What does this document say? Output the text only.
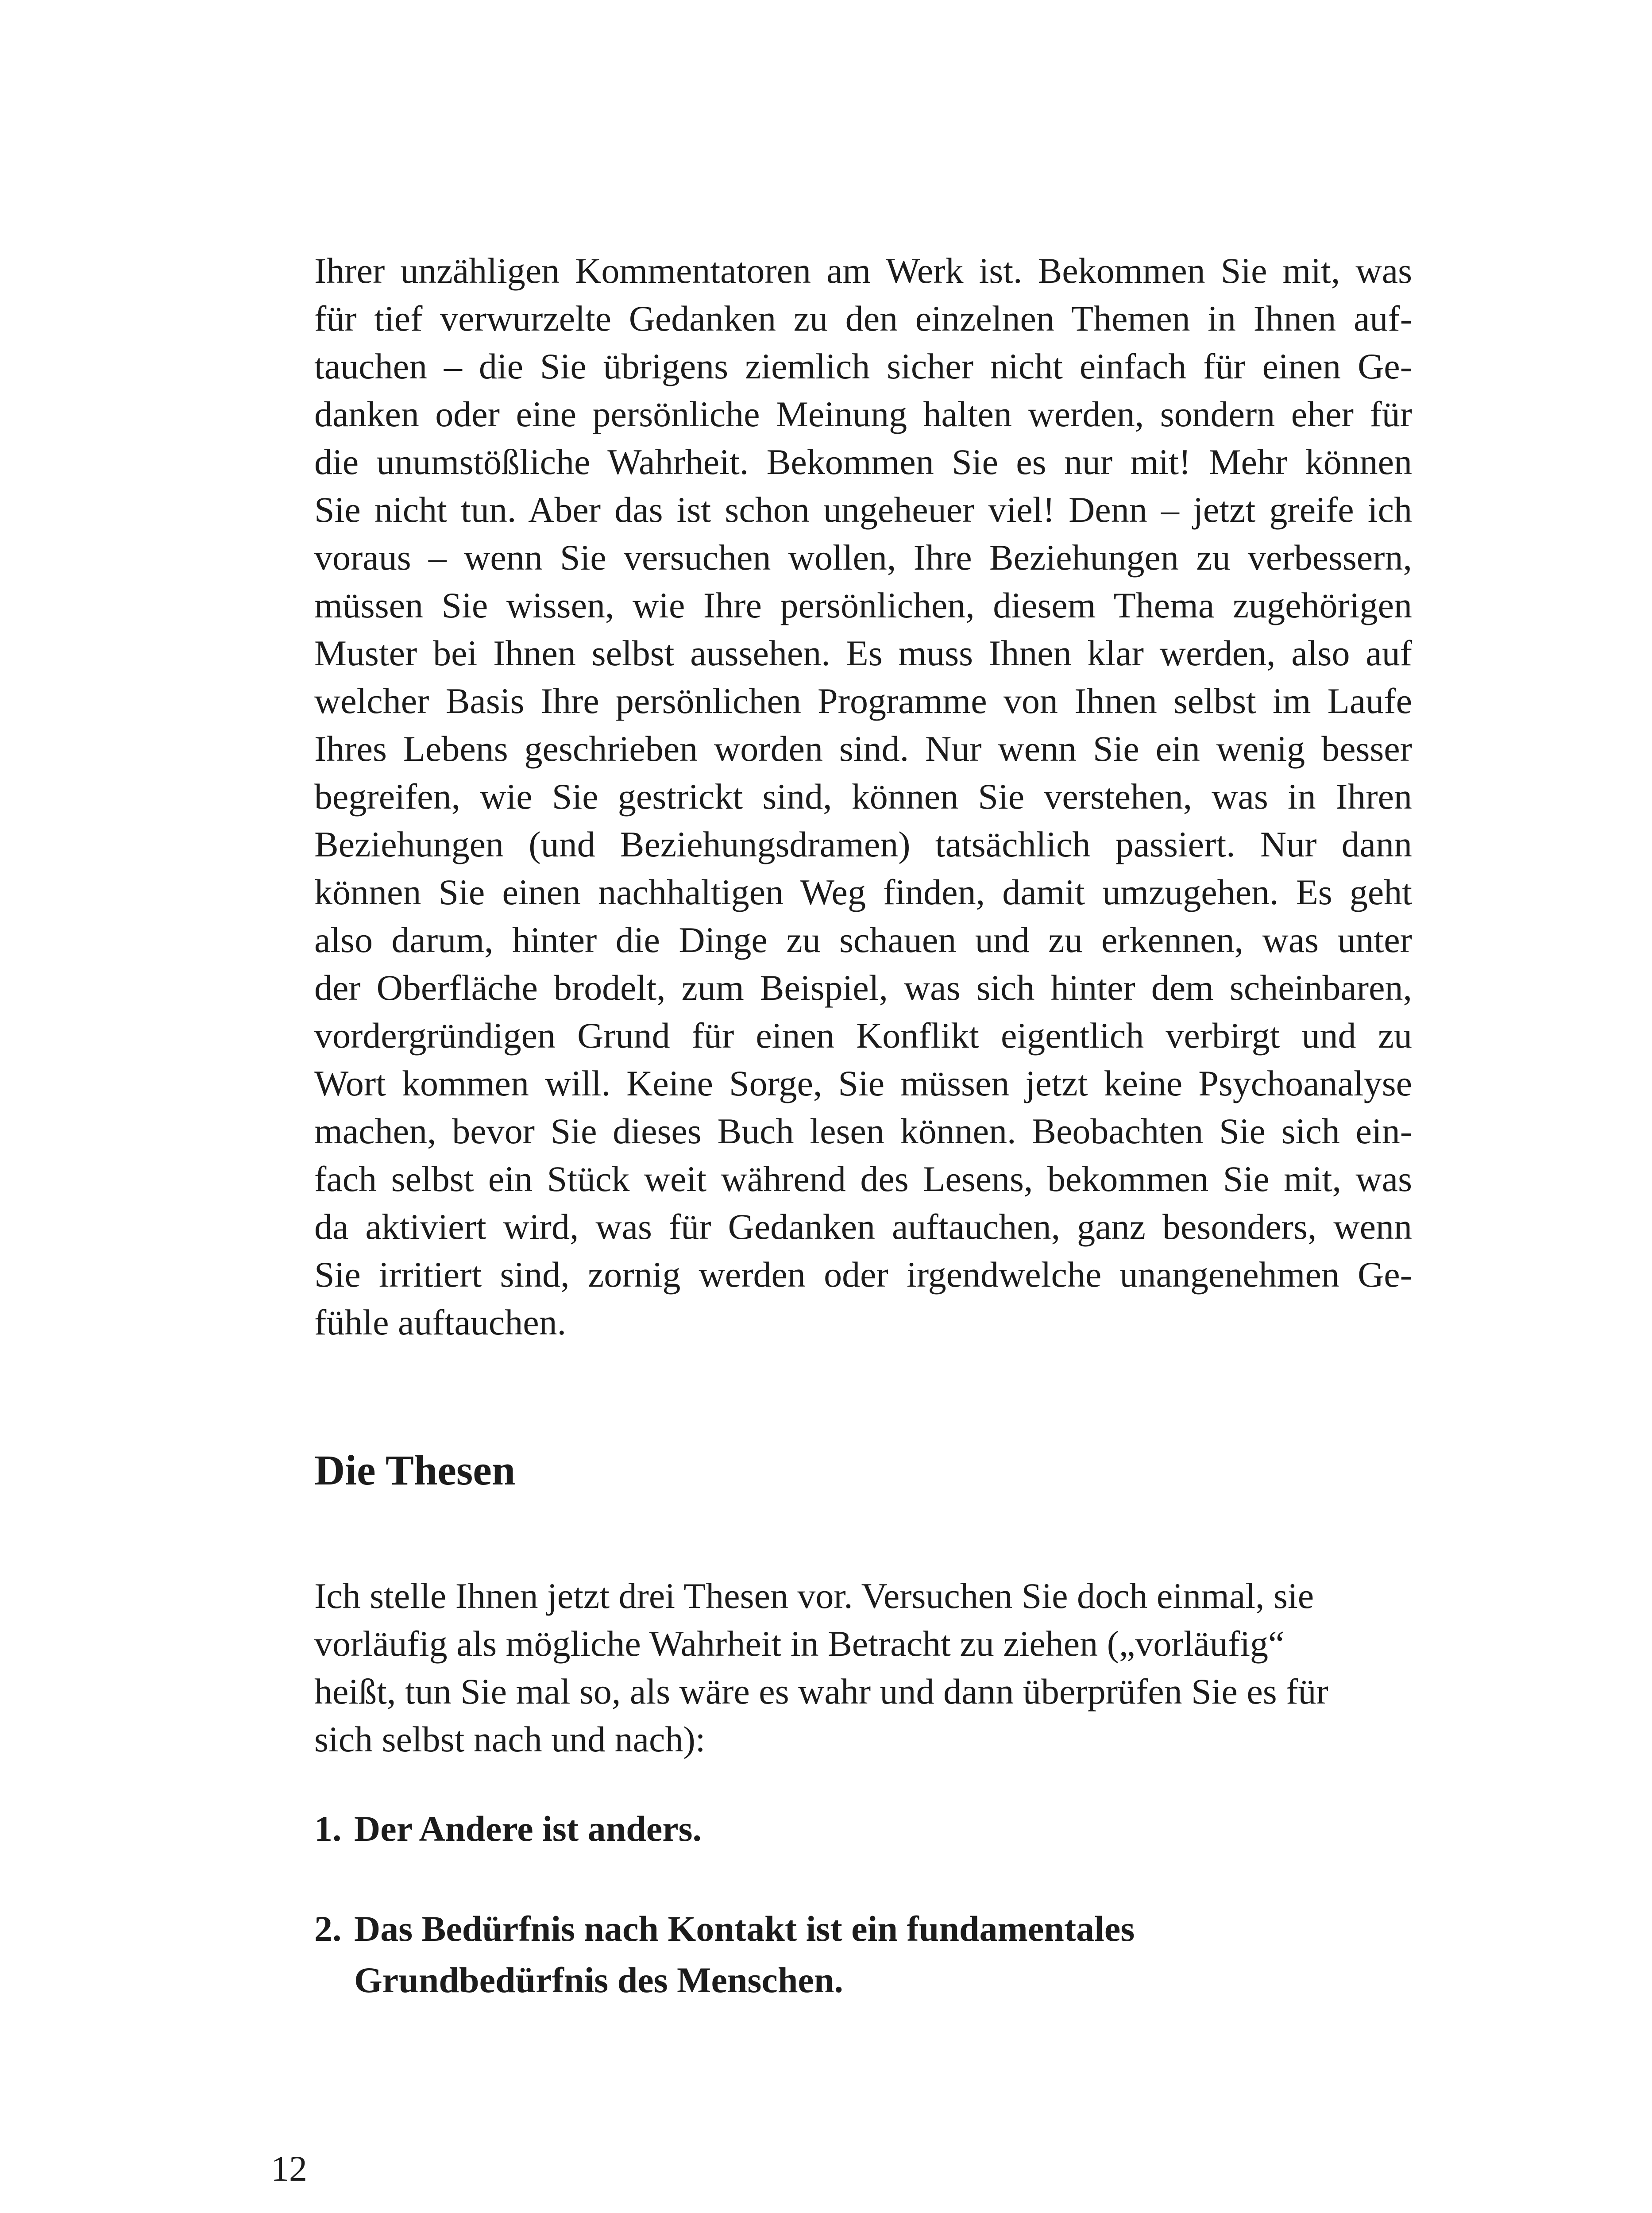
Ihrer unzähligen Kommentatoren am Werk ist. Bekommen Sie mit, was
für tief verwurzelte Gedanken zu den einzelnen Themen in Ihnen auf-
tauchen – die Sie übrigens ziemlich sicher nicht einfach für einen Ge-
danken oder eine persönliche Meinung halten werden, sondern eher für
die unumstößliche Wahrheit. Bekommen Sie es nur mit! Mehr können
Sie nicht tun. Aber das ist schon ungeheuer viel! Denn – jetzt greife ich
voraus – wenn Sie versuchen wollen, Ihre Beziehungen zu verbessern,
müssen Sie wissen, wie Ihre persönlichen, diesem Thema zugehörigen
Muster bei Ihnen selbst aussehen. Es muss Ihnen klar werden, also auf
welcher Basis Ihre persönlichen Programme von Ihnen selbst im Laufe
Ihres Lebens geschrieben worden sind. Nur wenn Sie ein wenig besser
begreifen, wie Sie gestrickt sind, können Sie verstehen, was in Ihren
Beziehungen (und Beziehungsdramen) tatsächlich passiert. Nur dann
können Sie einen nachhaltigen Weg finden, damit umzugehen. Es geht
also darum, hinter die Dinge zu schauen und zu erkennen, was unter
der Oberfläche brodelt, zum Beispiel, was sich hinter dem scheinbaren,
vordergründigen Grund für einen Konflikt eigentlich verbirgt und zu
Wort kommen will. Keine Sorge, Sie müssen jetzt keine Psychoanalyse
machen, bevor Sie dieses Buch lesen können. Beobachten Sie sich ein-
fach selbst ein Stück weit während des Lesens, bekommen Sie mit, was
da aktiviert wird, was für Gedanken auftauchen, ganz besonders, wenn
Sie irritiert sind, zornig werden oder irgendwelche unangenehmen Ge-
fühle auftauchen.
Die Thesen
Ich stelle Ihnen jetzt drei Thesen vor. Versuchen Sie doch einmal, sie
vorläufig als mögliche Wahrheit in Betracht zu ziehen („vorläufig“
heißt, tun Sie mal so, als wäre es wahr und dann überprüfen Sie es für
sich selbst nach und nach):
1. Der Andere ist anders.
2. Das Bedürfnis nach Kontakt ist ein fundamentales
Grundbedürfnis des Menschen.
12
